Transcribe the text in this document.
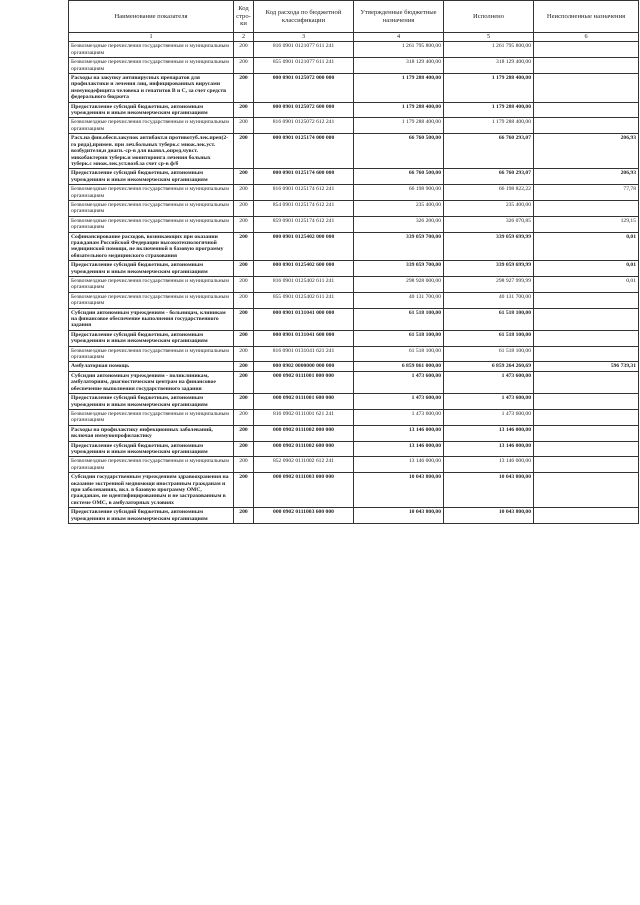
Наименование показателя	Код стро-ки	Код расхода по бюджетной классификации	Утвержденные бюджетные назначения	Исполнено	Неисполненные назначения
1	2	3	4	5	6
Безвозмездные перечисления государственным и муниципальным организациям	200	816 0901 0121077 611 241	1 261 795 800,00	1 261 795 800,00	
Безвозмездные перечисления государственным и муниципальным организациям	200	855 0901 0121077 611 241	318 129 400,00	318 129 400,00	
Расходы на закупку антивирусных препаратов для профилактики и лечения лиц, инфицированных вирусами иммунодефицита человека и гепатитов В и С, за счет средств федерального бюджета	200	000 0901 0125072 000 000	1 179 288 400,00	1 179 288 400,00	
Предоставление субсидий бюджетным, автономным учреждениям и иным некоммерческим организациям	200	000 0901 0125072 600 000	1 179 288 400,00	1 179 288 400,00	
Безвозмездные перечисления государственным и муниципальным организациям	200	816 0901 0125072 612 241	1 179 288 400,00	1 179 288 400,00	
Расх.на фин.обесп.закупок антибакт.и противотуб.лек.преп(2-го ряда),примен. при леч.больных туберк.с множ.лек.уст. возбудителя,и диагн.-ср-в для выявл.,опред.чувст. микобактерии туберк.и мониторинга лечения больных туберк.с множ.лек.уст.возб.за счет ср-в ф/б	200	000 0901 0125174 000 000	66 760 500,00	66 760 293,07	206,93
Предоставление субсидий бюджетным, автономным учреждениям и иным некоммерческим организациям	200	000 0901 0125174 600 000	66 760 500,00	66 760 293,07	206,93
Безвозмездные перечисления государственным и муниципальным организациям	200	816 0901 0125174 612 241	66 198 900,00	66 198 822,22	77,78
Безвозмездные перечисления государственным и муниципальным организациям	200	854 0901 0125174 612 241	235 400,00	235 400,00	
Безвозмездные перечисления государственным и муниципальным организациям	200	859 0901 0125174 612 241	326 200,00	326 070,85	129,15
Софинансирование расходов, возникающих при оказании гражданам Российской Федерации высокотехнологичной медицинской помощи, не включенной в базовую программу обязательного медицинского страхования	200	000 0901 0125402 000 000	339 059 700,00	339 059 699,99	0,01
Предоставление субсидий бюджетным, автономным учреждениям и иным некоммерческим организациям	200	000 0901 0125402 600 000	339 059 700,00	339 059 699,99	0,01
Безвозмездные перечисления государственным и муниципальным организациям	200	816 0901 0125402 611 241	298 928 000,00	298 927 999,99	0,01
Безвозмездные перечисления государственным и муниципальным организациям	200	855 0901 0125402 611 241	40 131 700,00	40 131 700,00	
Субсидии автономным учреждениям - больницам, клиникам на финансовое обеспечение выполнения государственного задания	200	000 0901 0131041 000 000	61 518 100,00	61 518 100,00	
Предоставление субсидий бюджетным, автономным учреждениям и иным некоммерческим организациям	200	000 0901 0131041 600 000	61 518 100,00	61 518 100,00	
Безвозмездные перечисления государственным и муниципальным организациям	200	816 0901 0131041 621 241	61 518 100,00	61 518 100,00	
Амбулаторная помощь	200	000 0902 0000000 000 000	6 859 861 000,00	6 859 264 260,69	596 739,31
Субсидии автономным учреждениям - поликлиникам, амбулаториям, диагностическим центрам на финансовое обеспечение выполнения государственного задания	200	000 0902 0111001 000 000	1 473 600,00	1 473 600,00	
Предоставление субсидий бюджетным, автономным учреждениям и иным некоммерческим организациям	200	000 0902 0111001 600 000	1 473 600,00	1 473 600,00	
Безвозмездные перечисления государственным и муниципальным организациям	200	816 0902 0111001 621 241	1 473 600,00	1 473 600,00	
Расходы на профилактику инфекционных заболеваний, включая иммунопрофилактику	200	000 0902 0111002 000 000	13 146 000,00	13 146 000,00	
Предоставление субсидий бюджетным, автономным учреждениям и иным некоммерческим организациям	200	000 0902 0111002 600 000	13 146 000,00	13 146 000,00	
Безвозмездные перечисления государственным и муниципальным организациям	200	852 0902 0111002 612 241	13 146 000,00	13 146 000,00	
Субсидии государственным учреждениям здравоохранения на оказание экстренной медпомощи иностранным гражданам и при заболеваниях, вкл. в базовую программу ОМС, гражданам, не идентифицированным и не застрахованным в системе ОМС, в амбулаторных условиях	200	000 0902 0111003 000 000	10 043 800,00	10 043 800,00	
Предоставление субсидий бюджетным, автономным учреждениям и иным некоммерческим организациям	200	000 0902 0111003 600 000	10 043 800,00	10 043 800,00	
